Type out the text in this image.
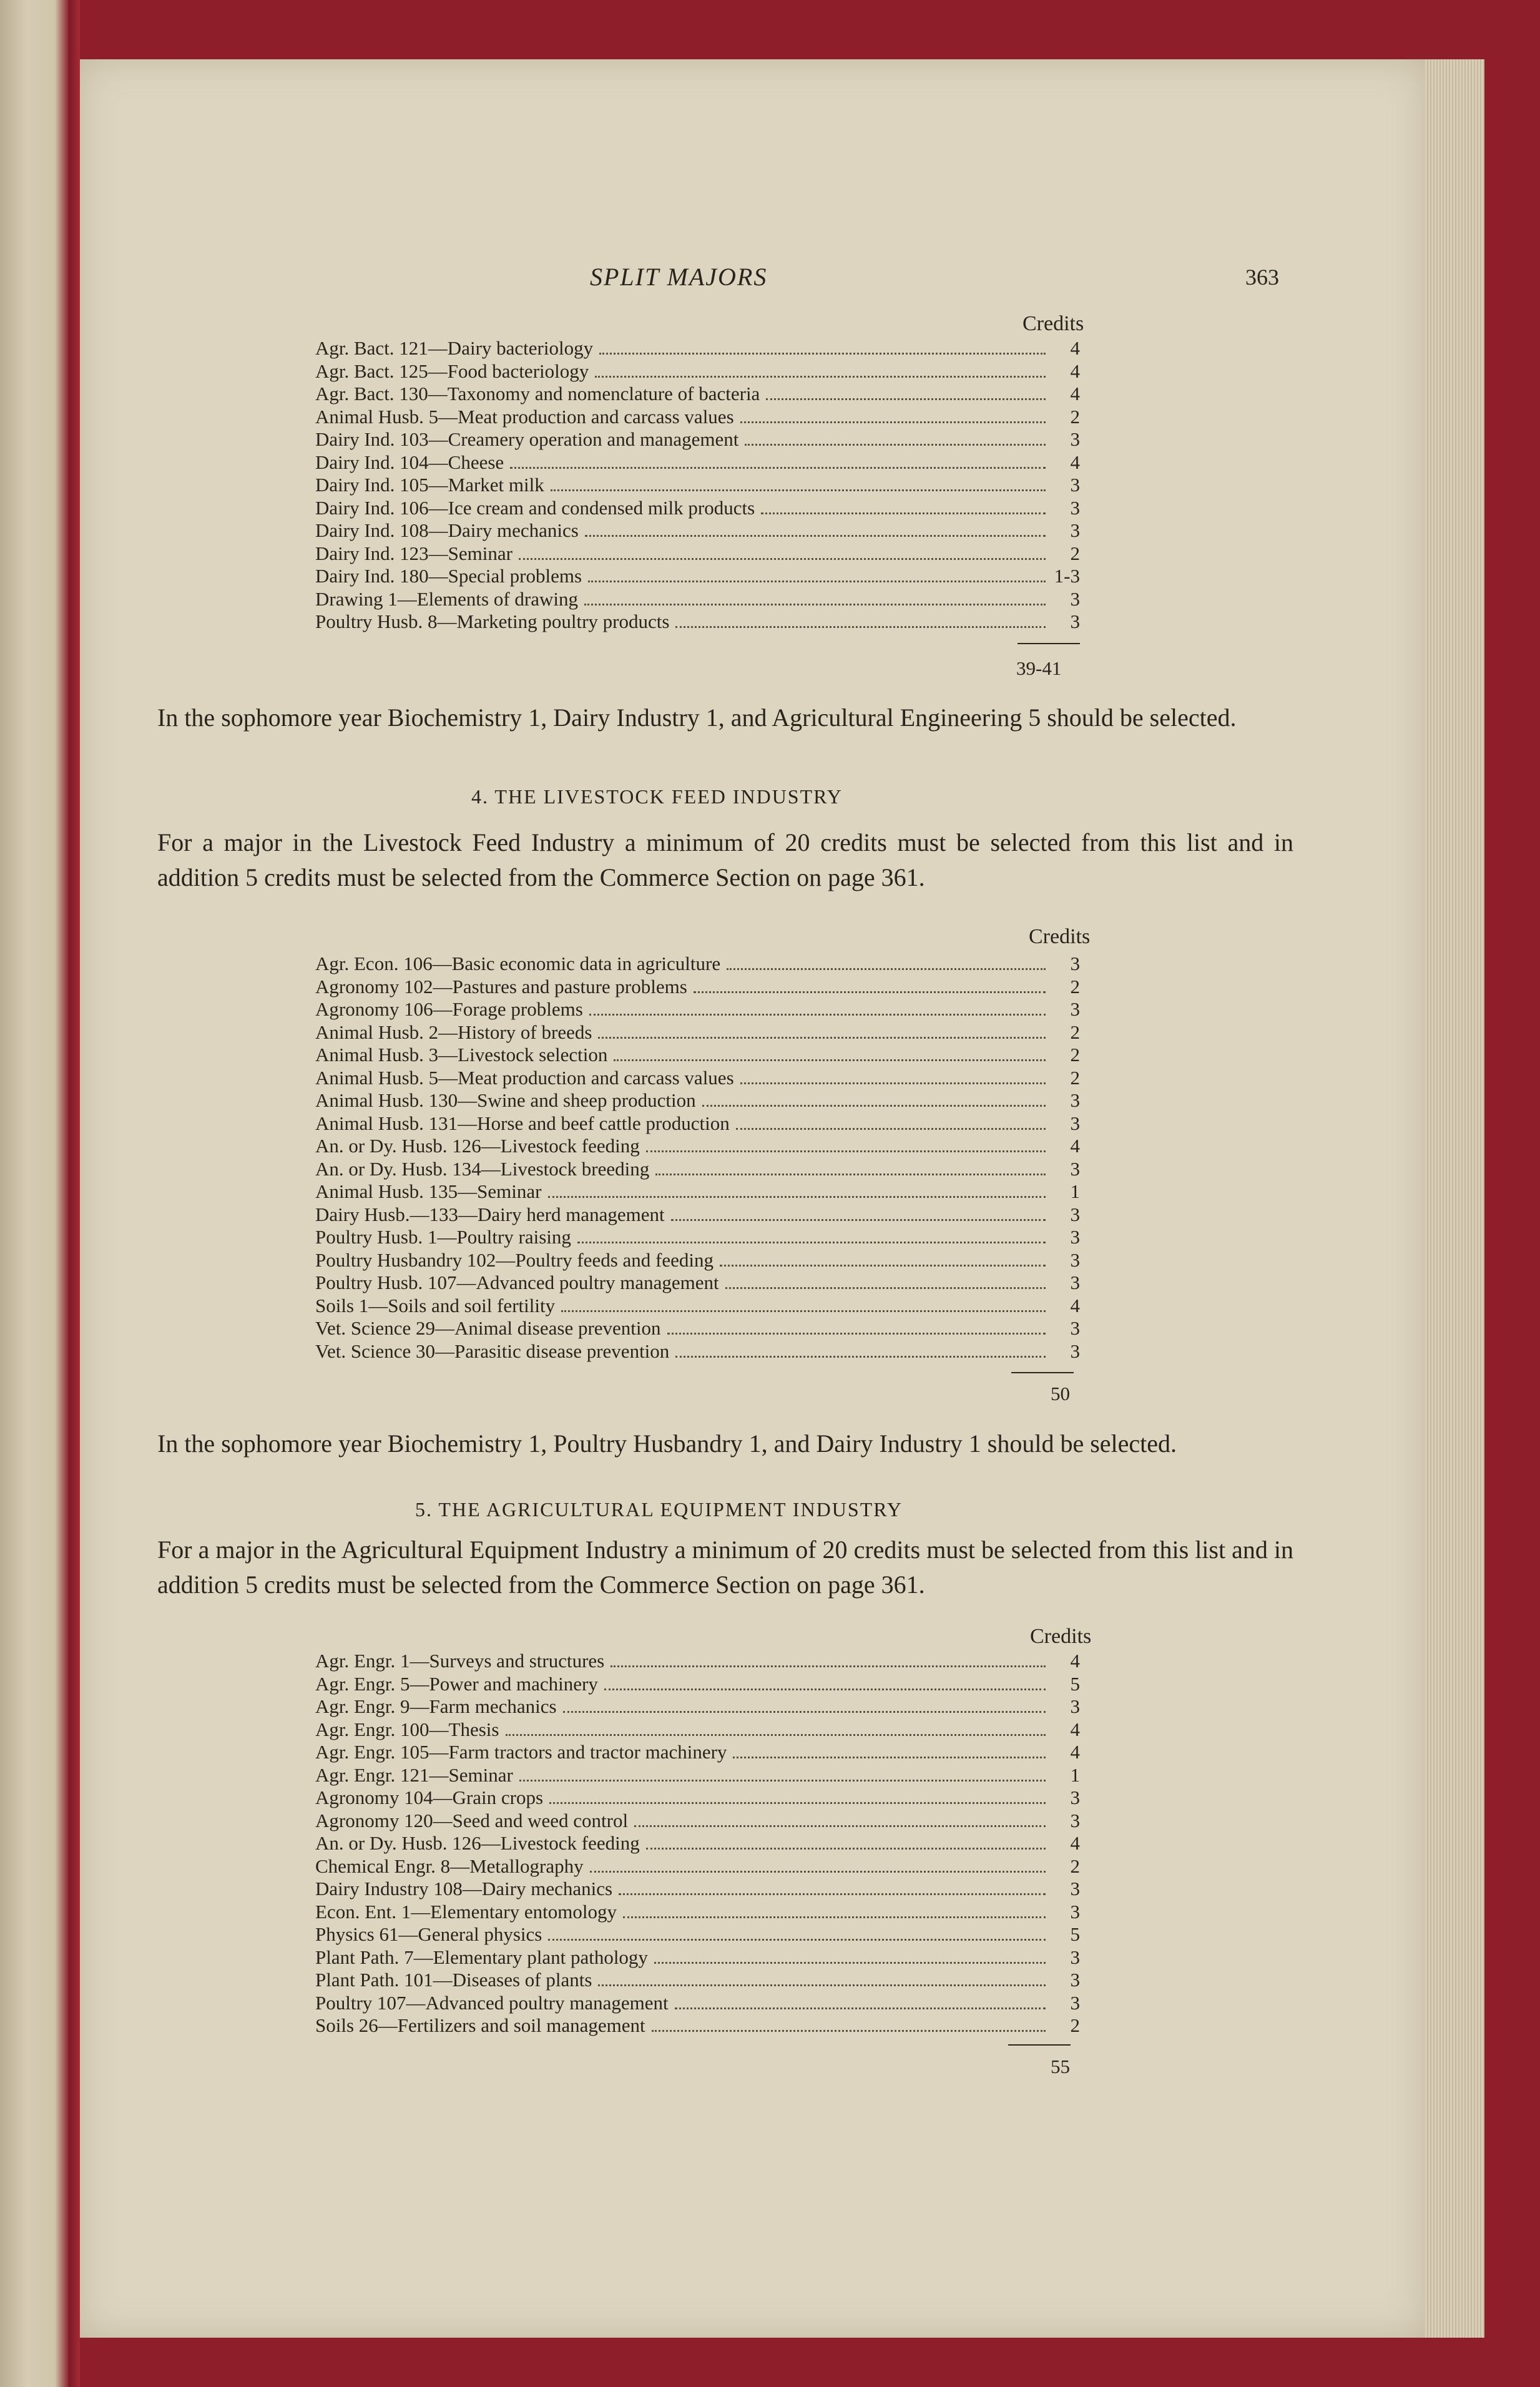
SPLIT MAJORS	363
Credits
Agr. Bact. 121—Dairy bacteriology	4
Agr. Bact. 125—Food bacteriology	4
Agr. Bact. 130—Taxonomy and nomenclature of bacteria	4
Animal Husb. 5—Meat production and carcass values	2
Dairy Ind. 103—Creamery operation and management	3
Dairy Ind. 104—Cheese	4
Dairy Ind. 105—Market milk	3
Dairy Ind. 106—Ice cream and condensed milk products	3
Dairy Ind. 108—Dairy mechanics	3
Dairy Ind. 123—Seminar	2
Dairy Ind. 180—Special problems	1-3
Drawing 1—Elements of drawing	3
Poultry Husb. 8—Marketing poultry products	3
39-41
In the sophomore year Biochemistry 1, Dairy Industry 1, and Agricultural Engineering 5 should be selected.
4. THE LIVESTOCK FEED INDUSTRY
For a major in the Livestock Feed Industry a minimum of 20 credits must be selected from this list and in addition 5 credits must be selected from the Commerce Section on page 361.
Credits
Agr. Econ. 106—Basic economic data in agriculture	3
Agronomy 102—Pastures and pasture problems	2
Agronomy 106—Forage problems	3
Animal Husb. 2—History of breeds	2
Animal Husb. 3—Livestock selection	2
Animal Husb. 5—Meat production and carcass values	2
Animal Husb. 130—Swine and sheep production	3
Animal Husb. 131—Horse and beef cattle production	3
An. or Dy. Husb. 126—Livestock feeding	4
An. or Dy. Husb. 134—Livestock breeding	3
Animal Husb. 135—Seminar	1
Dairy Husb.—133—Dairy herd management	3
Poultry Husb. 1—Poultry raising	3
Poultry Husbandry 102—Poultry feeds and feeding	3
Poultry Husb. 107—Advanced poultry management	3
Soils 1—Soils and soil fertility	4
Vet. Science 29—Animal disease prevention	3
Vet. Science 30—Parasitic disease prevention	3
50
In the sophomore year Biochemistry 1, Poultry Husbandry 1, and Dairy Industry 1 should be selected.
5. THE AGRICULTURAL EQUIPMENT INDUSTRY
For a major in the Agricultural Equipment Industry a minimum of 20 credits must be selected from this list and in addition 5 credits must be selected from the Commerce Section on page 361.
Credits
Agr. Engr. 1—Surveys and structures	4
Agr. Engr. 5—Power and machinery	5
Agr. Engr. 9—Farm mechanics	3
Agr. Engr. 100—Thesis	4
Agr. Engr. 105—Farm tractors and tractor machinery	4
Agr. Engr. 121—Seminar	1
Agronomy 104—Grain crops	3
Agronomy 120—Seed and weed control	3
An. or Dy. Husb. 126—Livestock feeding	4
Chemical Engr. 8—Metallography	2
Dairy Industry 108—Dairy mechanics	3
Econ. Ent. 1—Elementary entomology	3
Physics 61—General physics	5
Plant Path. 7—Elementary plant pathology	3
Plant Path. 101—Diseases of plants	3
Poultry 107—Advanced poultry management	3
Soils 26—Fertilizers and soil management	2
55
